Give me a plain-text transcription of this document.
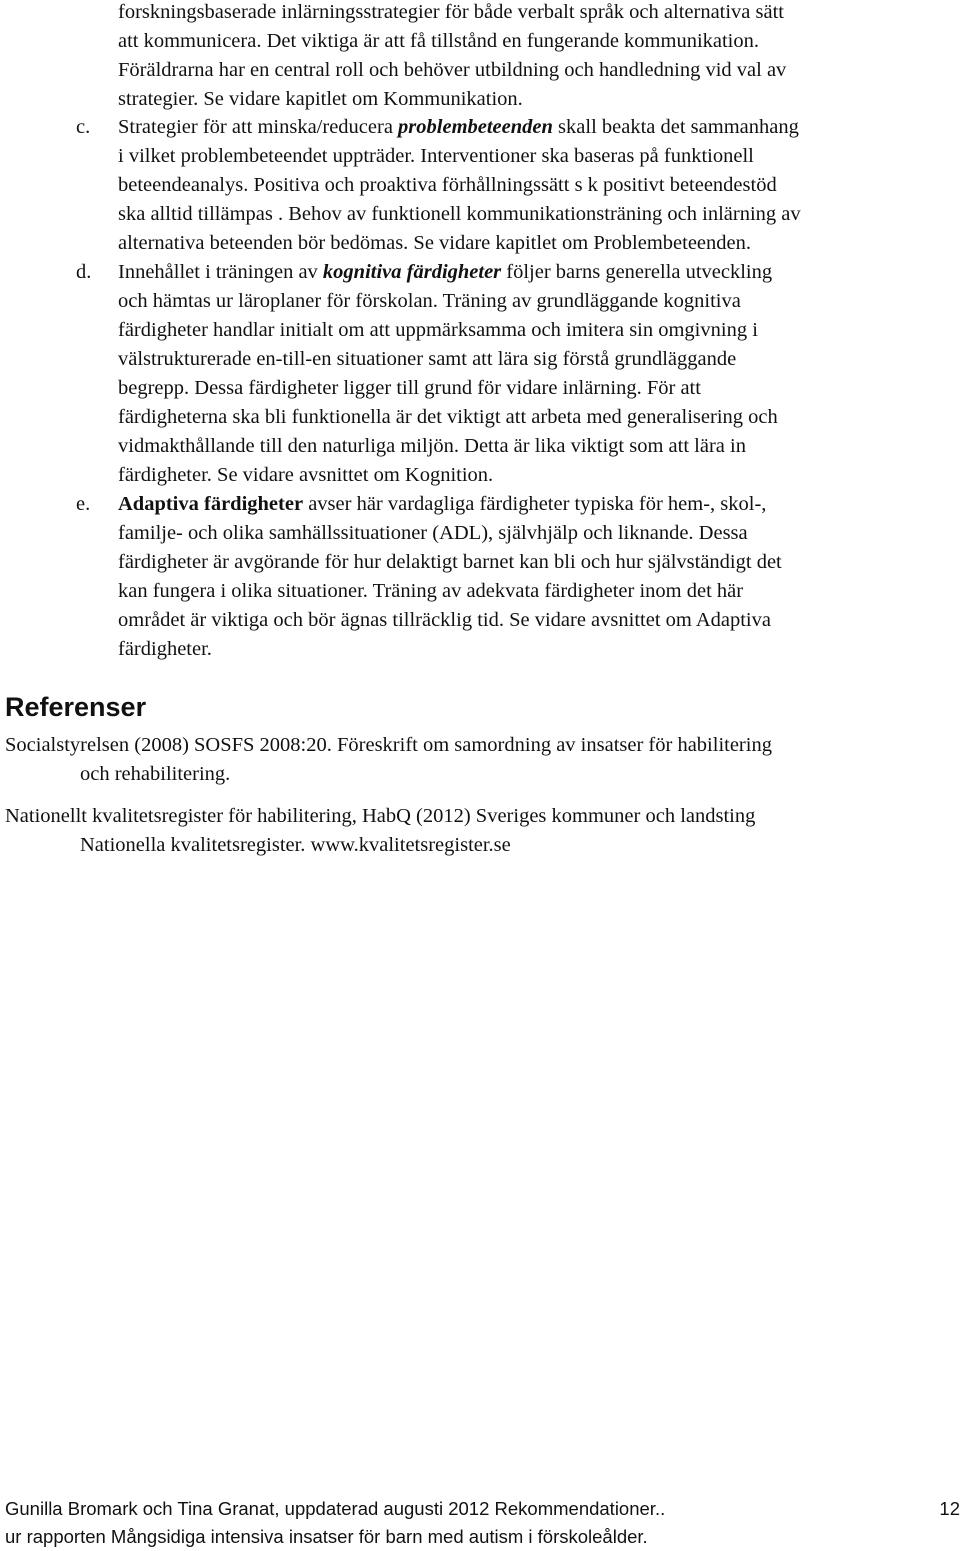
forskningsbaserade inlärningsstrategier för både verbalt språk och alternativa sätt
att kommunicera. Det viktiga är att få tillstånd en fungerande kommunikation.
Föräldrarna har en central roll och behöver utbildning och handledning vid val av
strategier. Se vidare kapitlet om Kommunikation.
c.	Strategier för att minska/reducera problembeteenden skall beakta det sammanhang
i vilket problembeteendet uppträder. Interventioner ska baseras på funktionell
beteendeanalys. Positiva och proaktiva förhållningssätt s k positivt beteendestöd
ska alltid tillämpas . Behov av funktionell kommunikationsträning och inlärning av
alternativa beteenden bör bedömas. Se vidare kapitlet om Problembeteenden.
d.	Innehållet i träningen av kognitiva färdigheter följer barns generella utveckling
och hämtas ur läroplaner för förskolan. Träning av grundläggande kognitiva
färdigheter handlar initialt om att uppmärksamma och imitera sin omgivning i
välstrukturerade en-till-en situationer samt att lära sig förstå grundläggande
begrepp. Dessa färdigheter ligger till grund för vidare inlärning. För att
färdigheterna ska bli funktionella är det viktigt att arbeta med generalisering och
vidmakthållande till den naturliga miljön. Detta är lika viktigt som att lära in
färdigheter. Se vidare avsnittet om Kognition.
e.	Adaptiva färdigheter avser här vardagliga färdigheter typiska för hem-, skol-,
familje- och olika samhällssituationer (ADL), självhjälp och liknande. Dessa
färdigheter är avgörande för hur delaktigt barnet kan bli och hur självständigt det
kan fungera i olika situationer. Träning av adekvata färdigheter inom det här
området är viktiga och bör ägnas tillräcklig tid. Se vidare avsnittet om Adaptiva
färdigheter.
Referenser
Socialstyrelsen (2008) SOSFS 2008:20. Föreskrift om samordning av insatser för habilitering
och rehabilitering.
Nationellt kvalitetsregister för habilitering, HabQ (2012) Sveriges kommuner och landsting
Nationella kvalitetsregister. www.kvalitetsregister.se
Gunilla Bromark och Tina Granat, uppdaterad augusti 2012 Rekommendationer..
ur rapporten Mångsidiga intensiva insatser för barn med autism i förskoleålder.
12
